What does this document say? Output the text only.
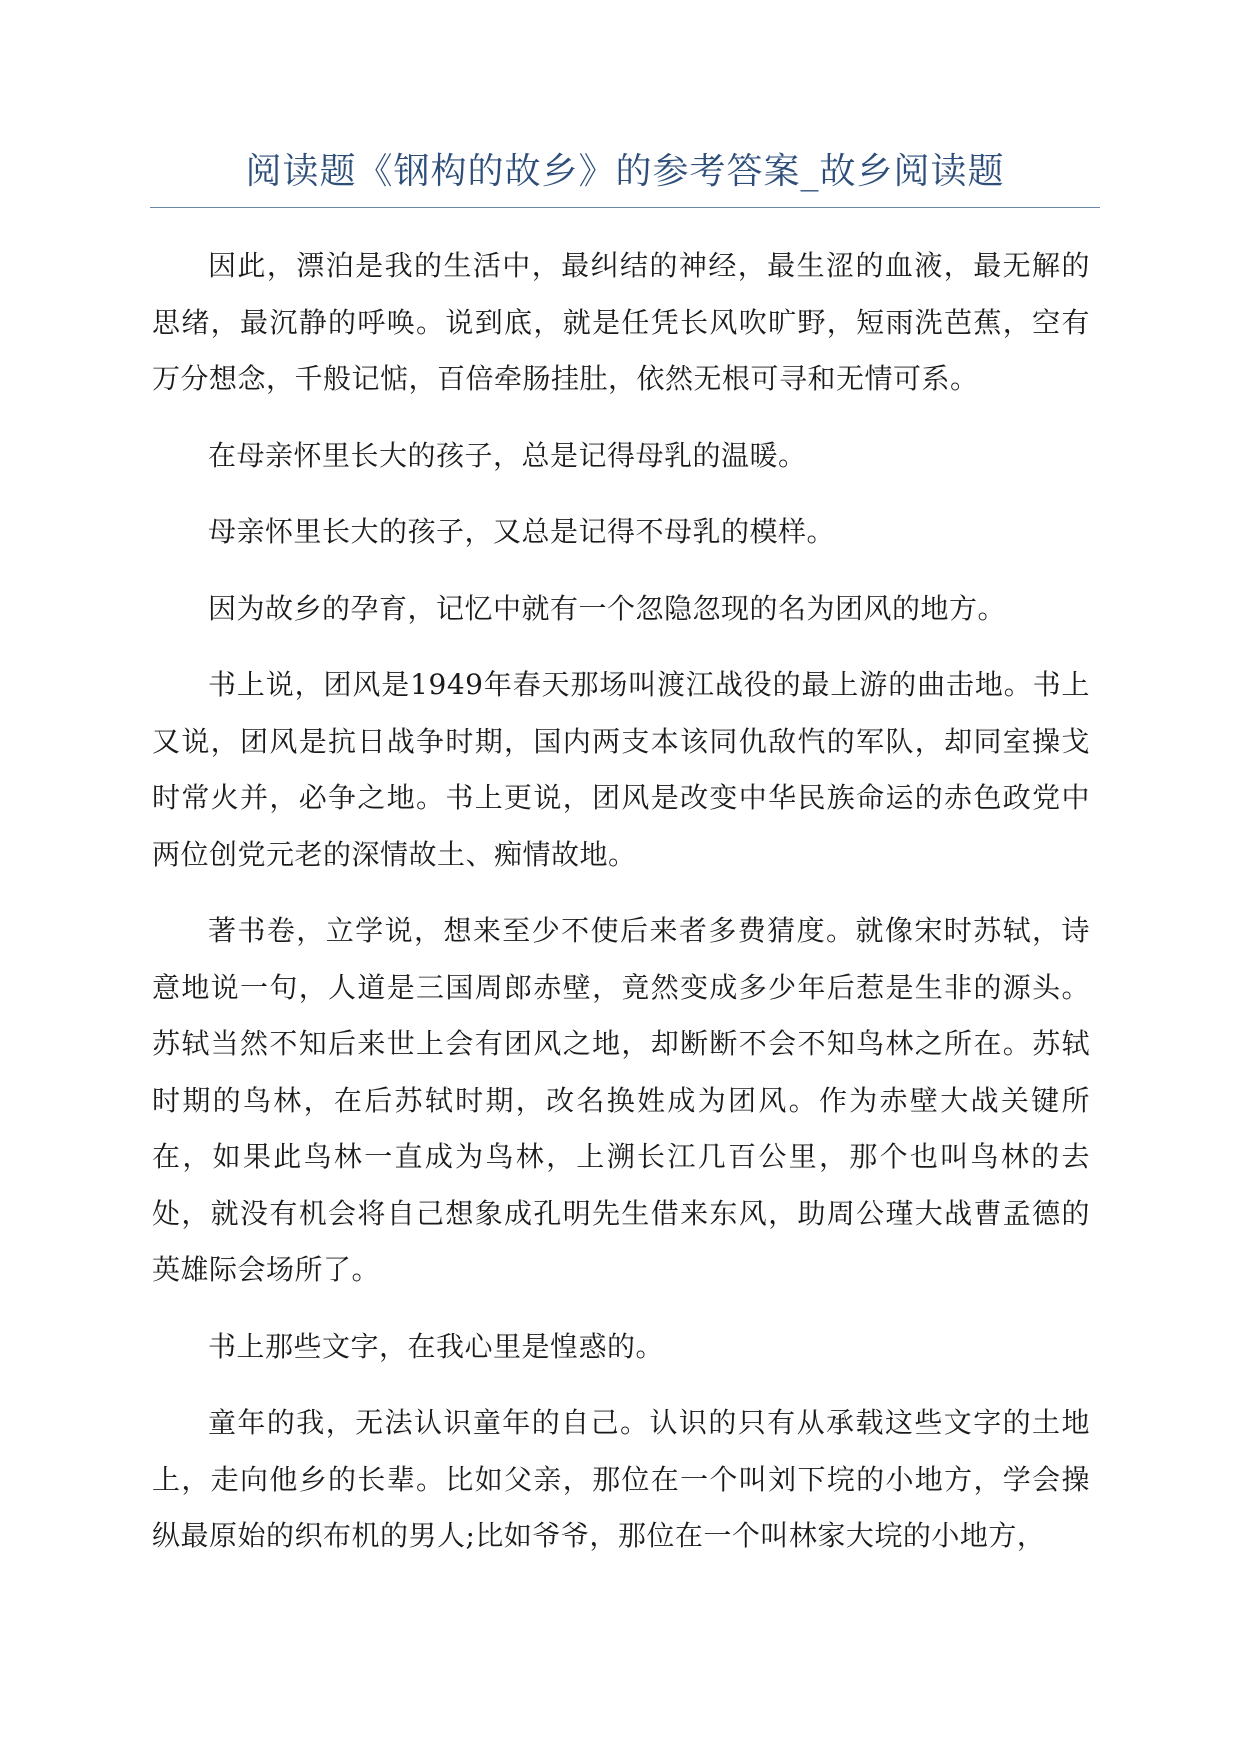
阅读题《钢构的故乡》的参考答案_故乡阅读题

因此，漂泊是我的生活中，最纠结的神经，最生涩的血液，最无解的思绪，最沉静的呼唤。说到底，就是任凭长风吹旷野，短雨洗芭蕉，空有万分想念，千般记惦，百倍牵肠挂肚，依然无根可寻和无情可系。

在母亲怀里长大的孩子，总是记得母乳的温暖。

母亲怀里长大的孩子，又总是记得不母乳的模样。

因为故乡的孕育，记忆中就有一个忽隐忽现的名为团风的地方。

书上说，团风是1949年春天那场叫渡江战役的最上游的曲击地。书上又说，团风是抗日战争时期，国内两支本该同仇敌忾的军队，却同室操戈时常火并，必争之地。书上更说，团风是改变中华民族命运的赤色政党中两位创党元老的深情故土、痴情故地。

著书卷，立学说，想来至少不使后来者多费猜度。就像宋时苏轼，诗意地说一句，人道是三国周郎赤壁，竟然变成多少年后惹是生非的源头。苏轼当然不知后来世上会有团风之地，却断断不会不知鸟林之所在。苏轼时期的鸟林，在后苏轼时期，改名换姓成为团风。作为赤壁大战关键所在，如果此鸟林一直成为鸟林，上溯长江几百公里，那个也叫鸟林的去处，就没有机会将自己想象成孔明先生借来东风，助周公瑾大战曹孟德的英雄际会场所了。

书上那些文字，在我心里是惶惑的。

童年的我，无法认识童年的自己。认识的只有从承载这些文字的土地上，走向他乡的长辈。比如父亲，那位在一个叫刘下垸的小地方，学会操纵最原始的织布机的男人;比如爷爷，那位在一个叫林家大垸的小地方，
